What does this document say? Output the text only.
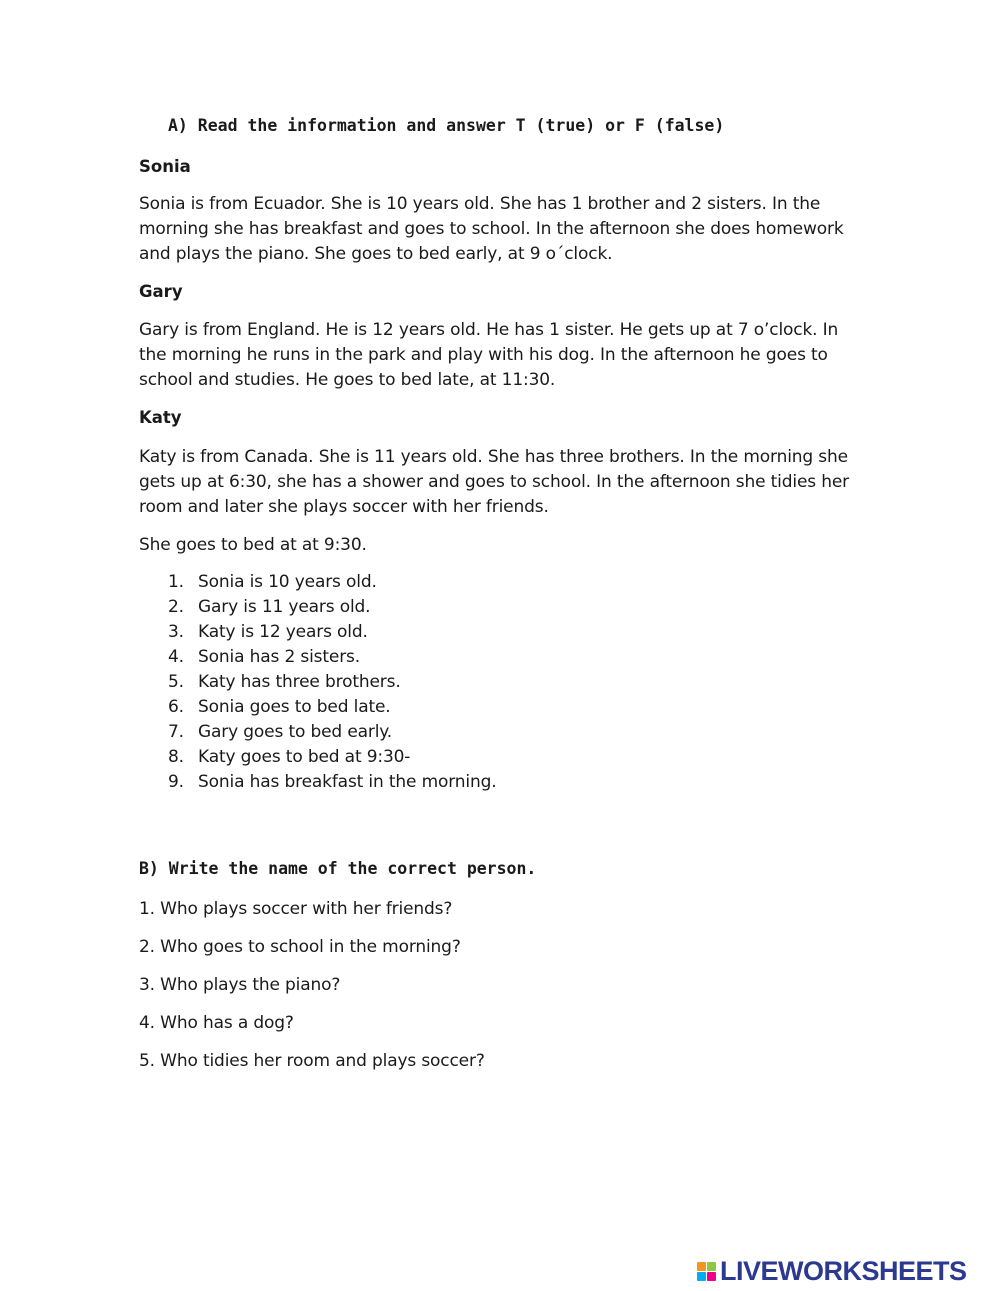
A) Read the information and answer T (true) or F (false)
Sonia
Sonia is from Ecuador. She is 10 years old. She has 1 brother and 2 sisters. In the
morning she has breakfast and goes to school. In the afternoon she does homework
and plays the piano. She goes to bed early, at 9 o´clock.
Gary
Gary is from England. He is 12 years old. He has 1 sister. He gets up at 7 o’clock. In
the morning he runs in the park and play with his dog. In the afternoon he goes to
school and studies. He goes to bed late, at 11:30.
Katy
Katy is from Canada. She is 11 years old. She has three brothers. In the morning she
gets up at 6:30, she has a shower and goes to school. In the afternoon she tidies her
room and later she plays soccer with her friends.
She goes to bed at at 9:30.
1. Sonia is 10 years old.
2. Gary is 11 years old.
3. Katy is 12 years old.
4. Sonia has 2 sisters.
5. Katy has three brothers.
6. Sonia goes to bed late.
7. Gary goes to bed early.
8. Katy goes to bed at 9:30-
9. Sonia has breakfast in the morning.
B) Write the name of the correct person.
1. Who plays soccer with her friends?
2. Who goes to school in the morning?
3. Who plays the piano?
4. Who has a dog?
5. Who tidies her room and plays soccer?
LIVEWORKSHEETS
